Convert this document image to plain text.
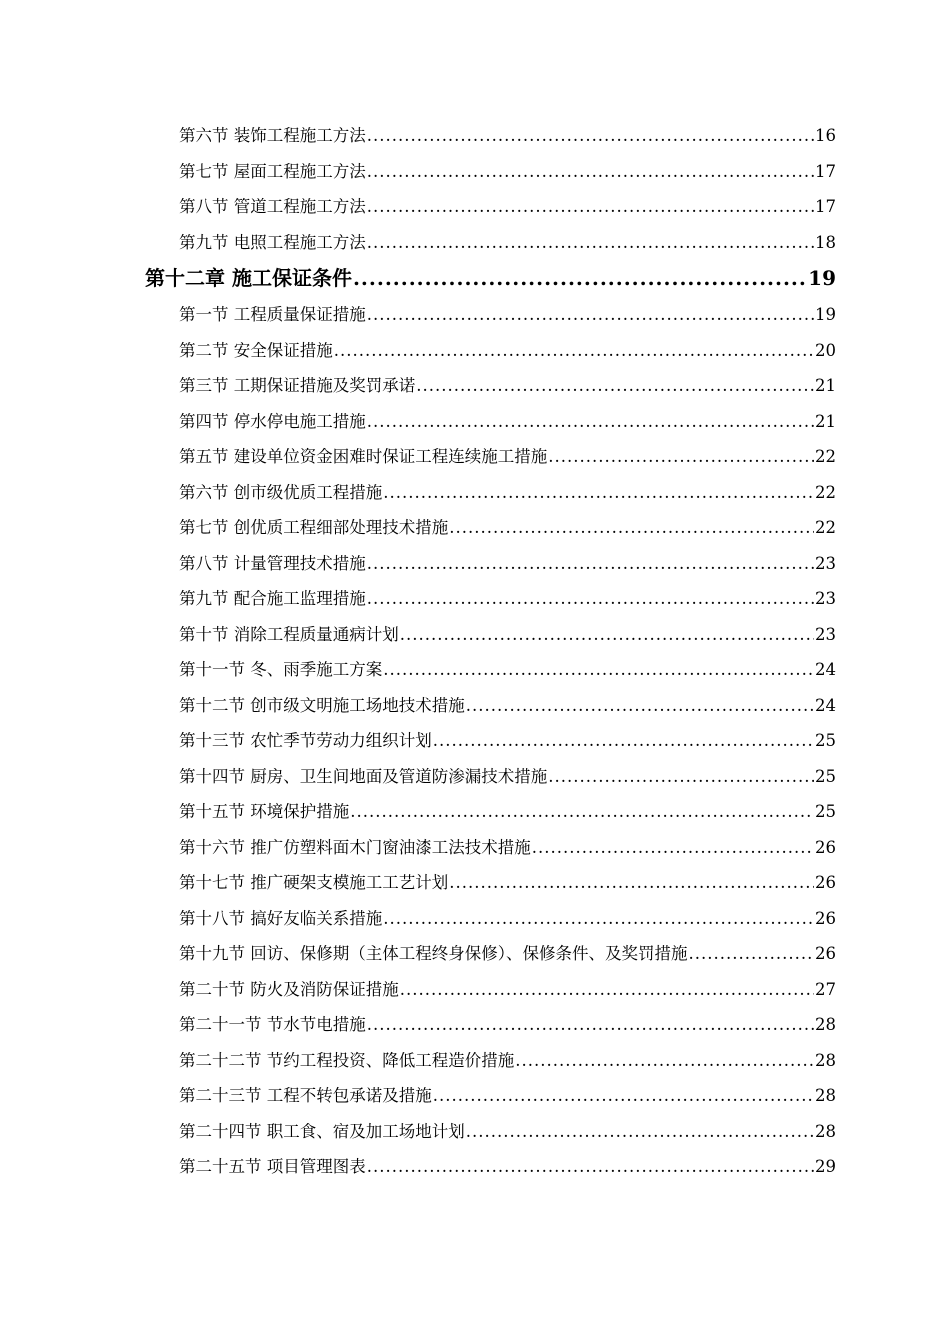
第六节 装饰工程施工方法 .....	16
第七节 屋面工程施工方法 .....	17
第八节 管道工程施工方法 .....	17
第九节 电照工程施工方法 .....	18
第十二章 施工保证条件 .....	19
第一节 工程质量保证措施 .....	19
第二节 安全保证措施 .....	20
第三节 工期保证措施及奖罚承诺 .....	21
第四节 停水停电施工措施 .....	21
第五节 建设单位资金困难时保证工程连续施工措施 .....	22
第六节 创市级优质工程措施 .....	22
第七节 创优质工程细部处理技术措施 .....	22
第八节 计量管理技术措施 .....	23
第九节 配合施工监理措施 .....	23
第十节 消除工程质量通病计划 .....	23
第十一节 冬、雨季施工方案 .....	24
第十二节 创市级文明施工场地技术措施 .....	24
第十三节 农忙季节劳动力组织计划 .....	25
第十四节 厨房、卫生间地面及管道防渗漏技术措施 .....	25
第十五节 环境保护措施 .....	25
第十六节 推广仿塑料面木门窗油漆工法技术措施 .....	26
第十七节 推广硬架支模施工工艺计划 .....	26
第十八节 搞好友临关系措施 .....	26
第十九节 回访、保修期（主体工程终身保修）、保修条件、及奖罚措施 .....	26
第二十节 防火及消防保证措施 .....	27
第二十一节 节水节电措施 .....	28
第二十二节 节约工程投资、降低工程造价措施 .....	28
第二十三节 工程不转包承诺及措施 .....	28
第二十四节 职工食、宿及加工场地计划 .....	28
第二十五节 项目管理图表 .....	29
